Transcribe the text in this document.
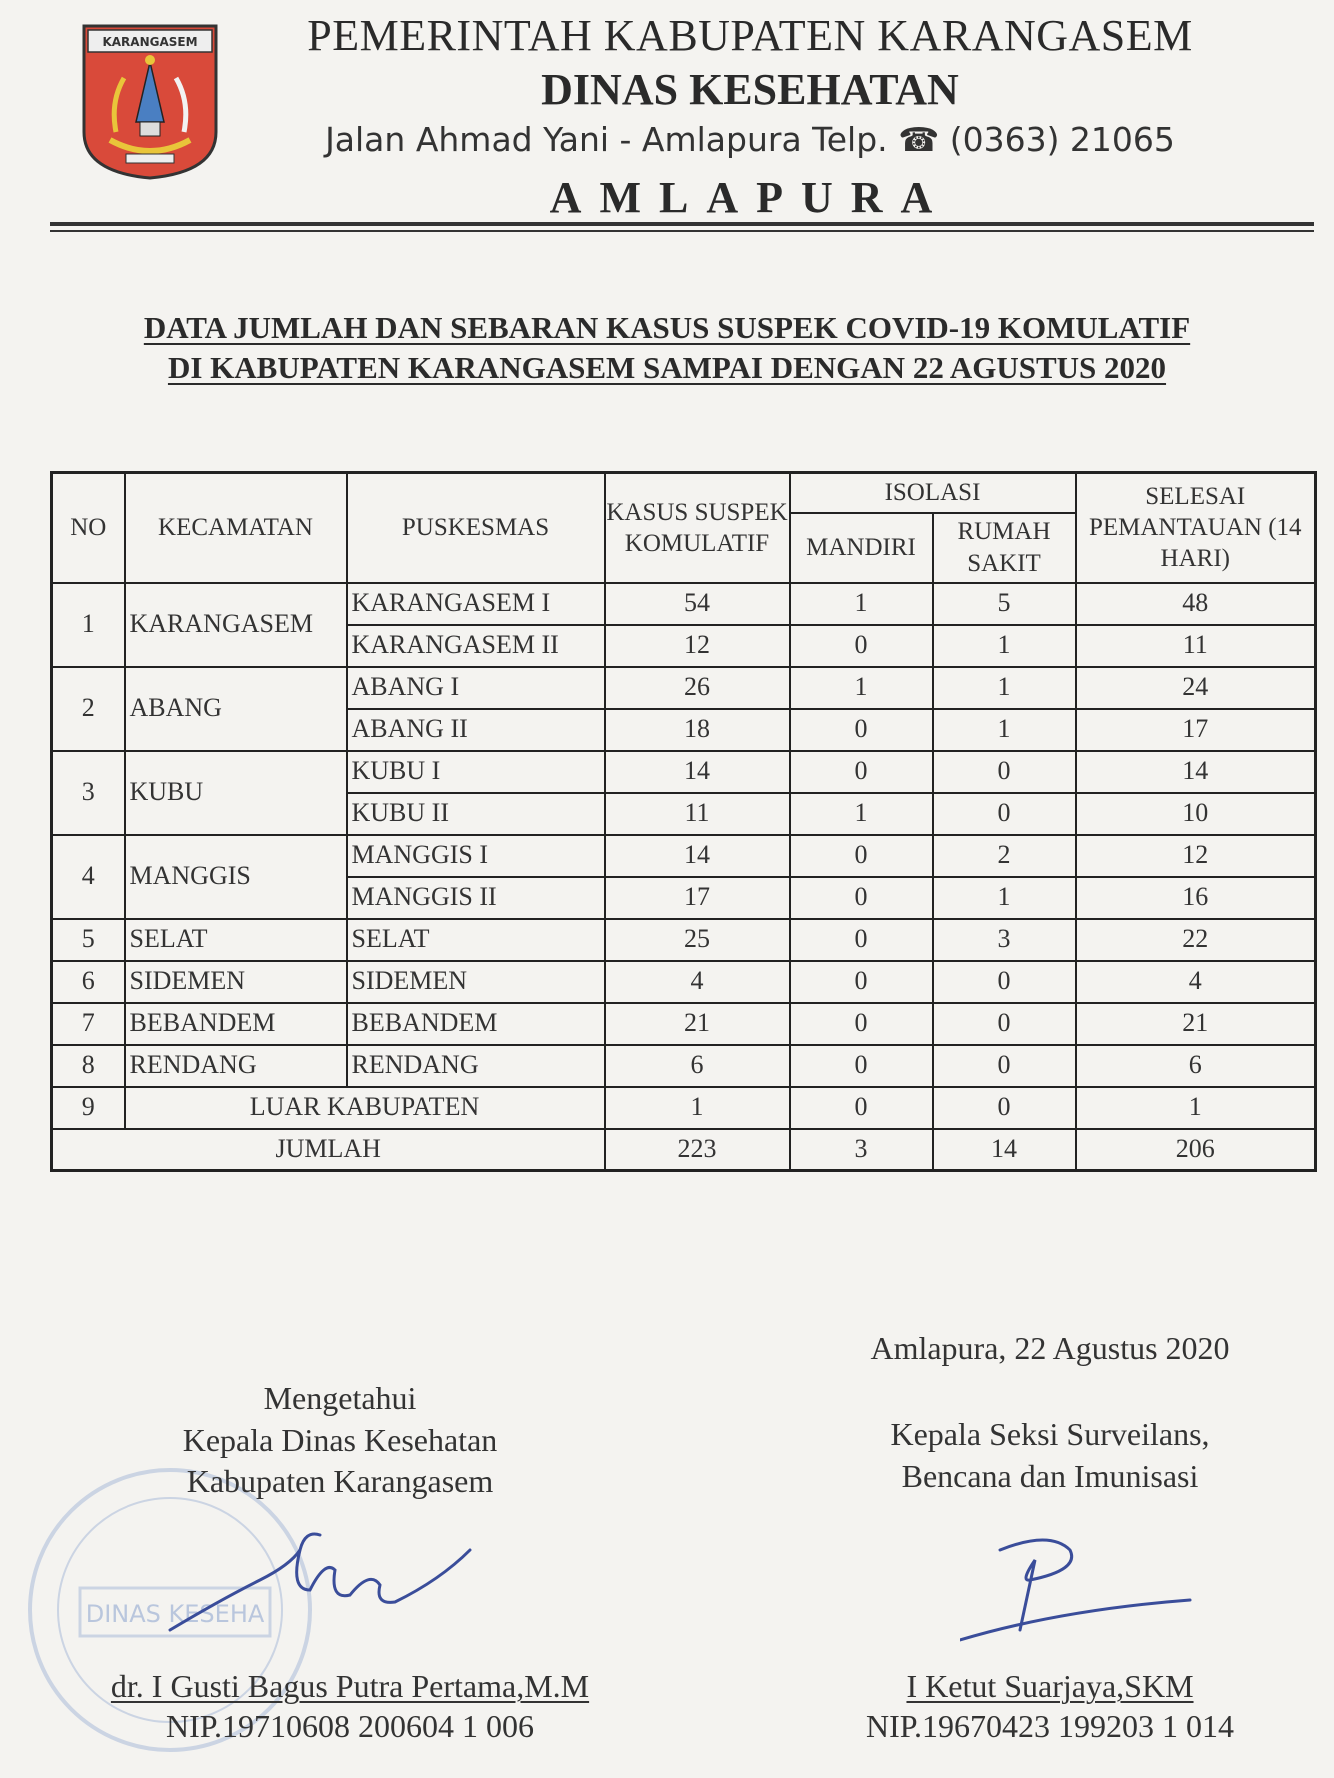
KARANGASEM	PEMERINTAH KABUPATEN KARANGASEM
DINAS KESEHATAN
Jalan Ahmad Yani - Amlapura Telp. ☎ (0363) 21065
AMLAPURA
DATA JUMLAH DAN SEBARAN KASUS SUSPEK COVID-19 KOMULATIF
DI KABUPATEN KARANGASEM SAMPAI DENGAN 22 AGUSTUS 2020
NO	KECAMATAN	PUSKESMAS	KASUS SUSPEK KOMULATIF	ISOLASI		SELESAI PEMANTAUAN (14 HARI)
				MANDIRI	RUMAH SAKIT	
1	KARANGASEM	KARANGASEM I	54	1	5	48
		KARANGASEM II	12	0	1	11
2	ABANG	ABANG I	26	1	1	24
		ABANG II	18	0	1	17
3	KUBU	KUBU I	14	0	0	14
		KUBU II	11	1	0	10
4	MANGGIS	MANGGIS I	14	0	2	12
		MANGGIS II	17	0	1	16
5	SELAT	SELAT	25	0	3	22
6	SIDEMEN	SIDEMEN	4	0	0	4
7	BEBANDEM	BEBANDEM	21	0	0	21
8	RENDANG	RENDANG	6	0	0	6
9	LUAR KABUPATEN		1	0	0	1
JUMLAH			223	3	14	206
DINAS KESEHA
Mengetahui
Kepala Dinas Kesehatan
Kabupaten Karangasem
Amlapura, 22 Agustus 2020
Kepala Seksi Surveilans,
Bencana dan Imunisasi
dr. I Gusti Bagus Putra Pertama,M.M
NIP.19710608 200604 1 006
I Ketut Suarjaya,SKM
NIP.19670423 199203 1 014
